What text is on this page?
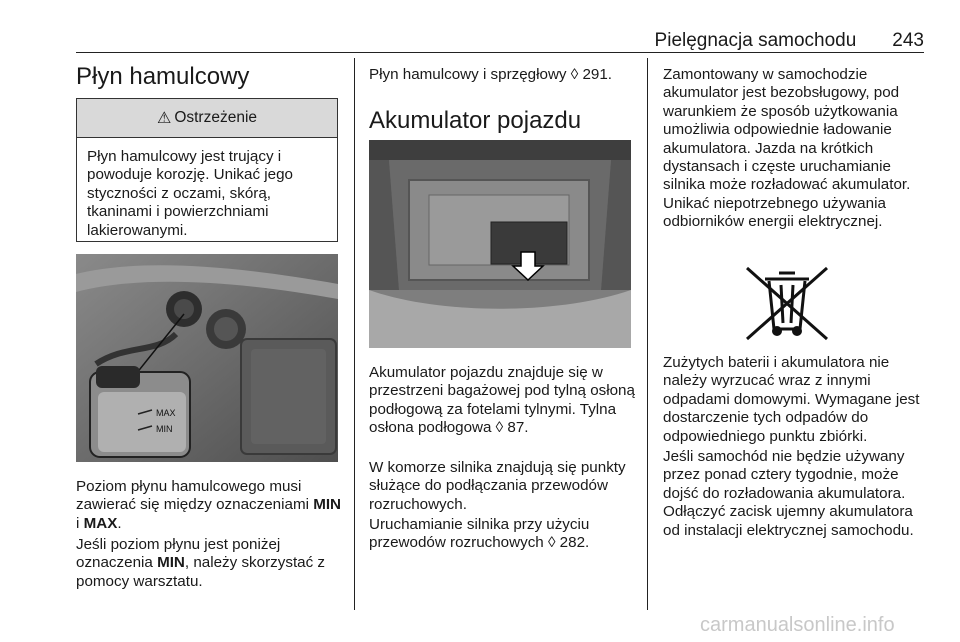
Pielęgnacja samochodu 243
Płyn hamulcowy
⚠ Ostrzeżenie

Płyn hamulcowy jest trujący i powoduje korozję. Unikać jego styczności z oczami, skórą, tkaninami i powierzchniami lakierowanymi.

MAX
MIN

Poziom płynu hamulcowego musi zawierać się między oznaczeniami MIN i MAX.

Jeśli poziom płynu jest poniżej oznaczenia MIN, należy skorzystać z pomocy warsztatu.

Płyn hamulcowy i sprzęgłowy ◊ 291.

Akumulator pojazdu

Akumulator pojazdu znajduje się w przestrzeni bagażowej pod tylną osłoną podłogową za fotelami tylnymi. Tylna osłona podłogowa ◊ 87.

W komorze silnika znajdują się punkty służące do podłączania przewodów rozruchowych.

Uruchamianie silnika przy użyciu przewodów rozruchowych ◊ 282.

Zamontowany w samochodzie akumulator jest bezobsługowy, pod warunkiem że sposób użytkowania umożliwia odpowiednie ładowanie akumulatora. Jazda na krótkich dystansach i częste uruchamianie silnika może rozładować akumulator. Unikać niepotrzebnego używania odbiorników energii elektrycznej.

Zużytych baterii i akumulatora nie należy wyrzucać wraz z innymi odpadami domowymi. Wymagane jest dostarczenie tych odpadów do odpowiedniego punktu zbiórki.

Jeśli samochód nie będzie używany przez ponad cztery tygodnie, może dojść do rozładowania akumulatora. Odłączyć zacisk ujemny akumulatora od instalacji elektrycznej samochodu.

carmanualsonline.info
